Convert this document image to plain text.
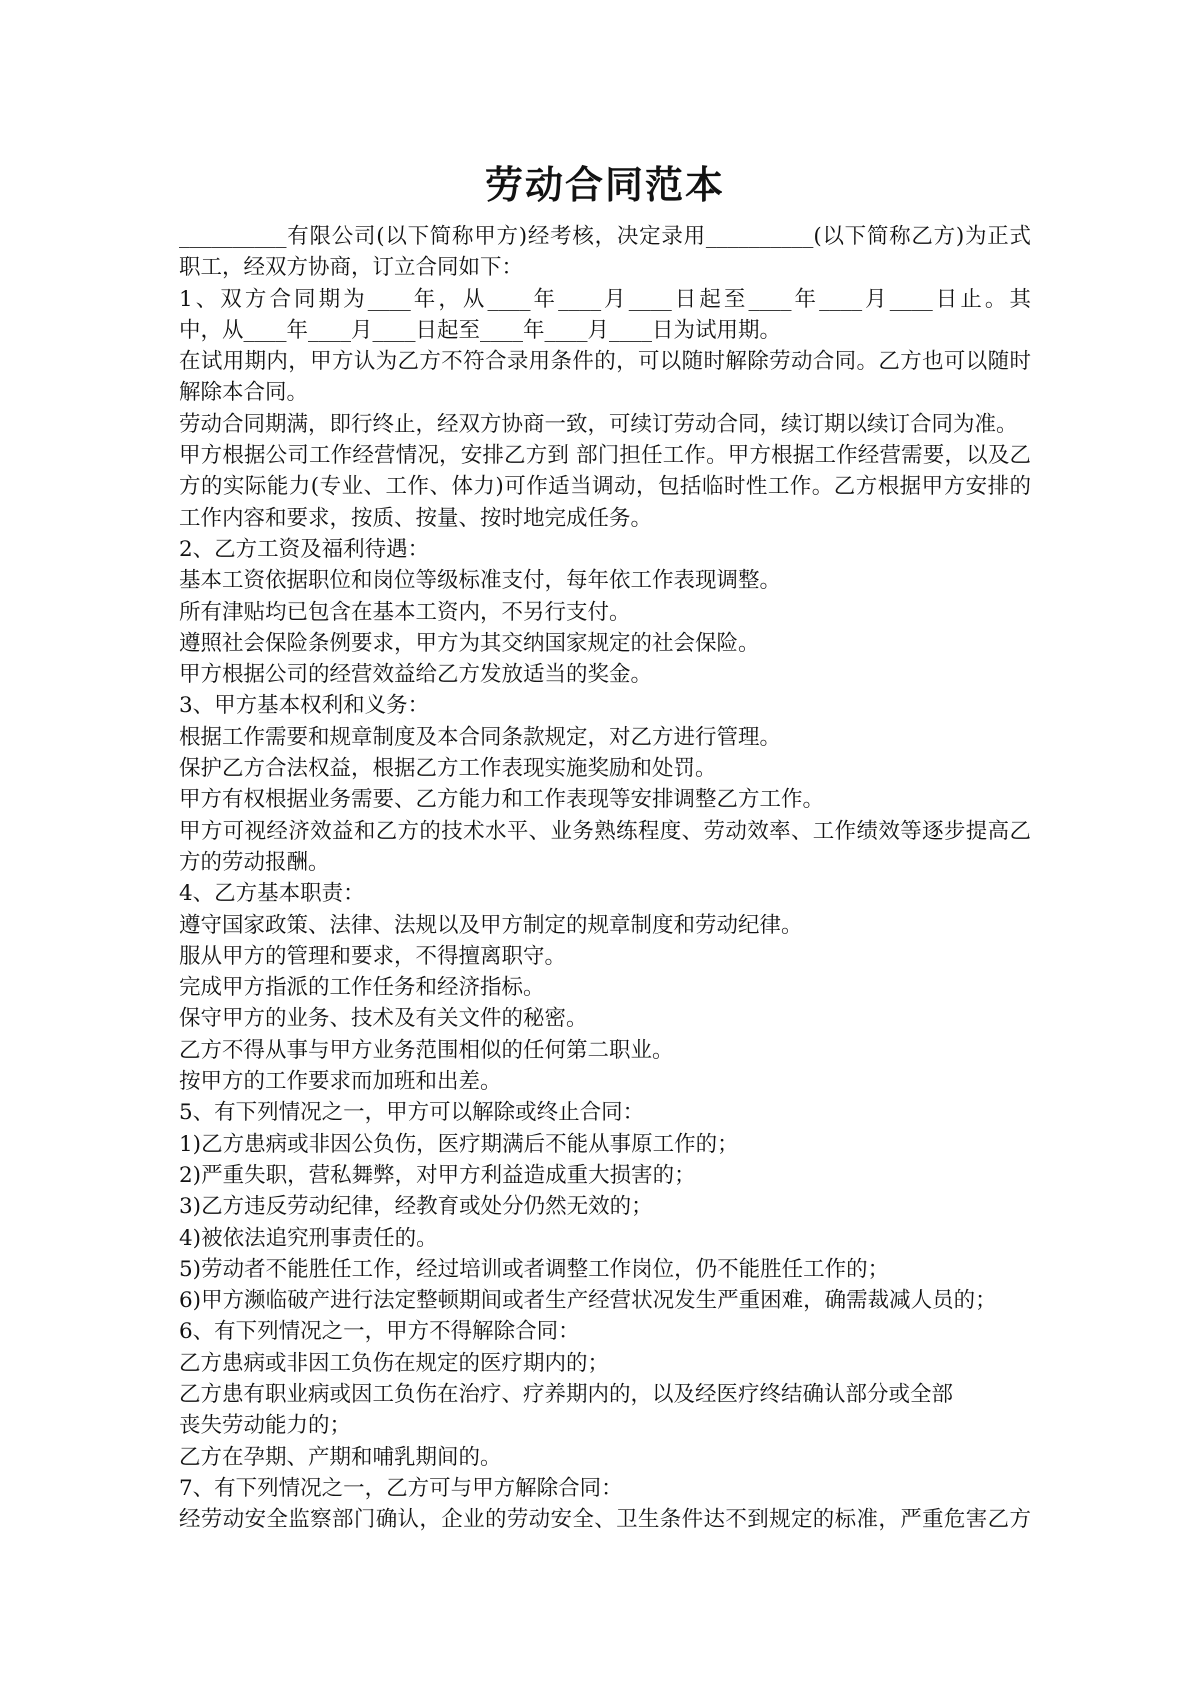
劳动合同范本
__________有限公司(以下简称甲方)经考核，决定录用__________(以下简称乙方)为正式
职工，经双方协商，订立合同如下：
1、双方合同期为____年，从____年____月____日起至____年____月____日止。其
中，从____年____月____日起至____年____月____日为试用期。
在试用期内，甲方认为乙方不符合录用条件的，可以随时解除劳动合同。乙方也可以随时
解除本合同。
劳动合同期满，即行终止，经双方协商一致，可续订劳动合同，续订期以续订合同为准。
甲方根据公司工作经营情况，安排乙方到 部门担任工作。甲方根据工作经营需要，以及乙
方的实际能力(专业、工作、体力)可作适当调动，包括临时性工作。乙方根据甲方安排的
工作内容和要求，按质、按量、按时地完成任务。
2、乙方工资及福利待遇：
基本工资依据职位和岗位等级标准支付，每年依工作表现调整。
所有津贴均已包含在基本工资内，不另行支付。
遵照社会保险条例要求，甲方为其交纳国家规定的社会保险。
甲方根据公司的经营效益给乙方发放适当的奖金。
3、甲方基本权利和义务：
根据工作需要和规章制度及本合同条款规定，对乙方进行管理。
保护乙方合法权益，根据乙方工作表现实施奖励和处罚。
甲方有权根据业务需要、乙方能力和工作表现等安排调整乙方工作。
甲方可视经济效益和乙方的技术水平、业务熟练程度、劳动效率、工作绩效等逐步提高乙
方的劳动报酬。
4、乙方基本职责：
遵守国家政策、法律、法规以及甲方制定的规章制度和劳动纪律。
服从甲方的管理和要求，不得擅离职守。
完成甲方指派的工作任务和经济指标。
保守甲方的业务、技术及有关文件的秘密。
乙方不得从事与甲方业务范围相似的任何第二职业。
按甲方的工作要求而加班和出差。
5、有下列情况之一，甲方可以解除或终止合同：
1)乙方患病或非因公负伤，医疗期满后不能从事原工作的；
2)严重失职，营私舞弊，对甲方利益造成重大损害的；
3)乙方违反劳动纪律，经教育或处分仍然无效的；
4)被依法追究刑事责任的。
5)劳动者不能胜任工作，经过培训或者调整工作岗位，仍不能胜任工作的；
6)甲方濒临破产进行法定整顿期间或者生产经营状况发生严重困难，确需裁减人员的；
6、有下列情况之一，甲方不得解除合同：
乙方患病或非因工负伤在规定的医疗期内的；
乙方患有职业病或因工负伤在治疗、疗养期内的，以及经医疗终结确认部分或全部
丧失劳动能力的；
乙方在孕期、产期和哺乳期间的。
7、有下列情况之一，乙方可与甲方解除合同：
经劳动安全监察部门确认，企业的劳动安全、卫生条件达不到规定的标准，严重危害乙方
